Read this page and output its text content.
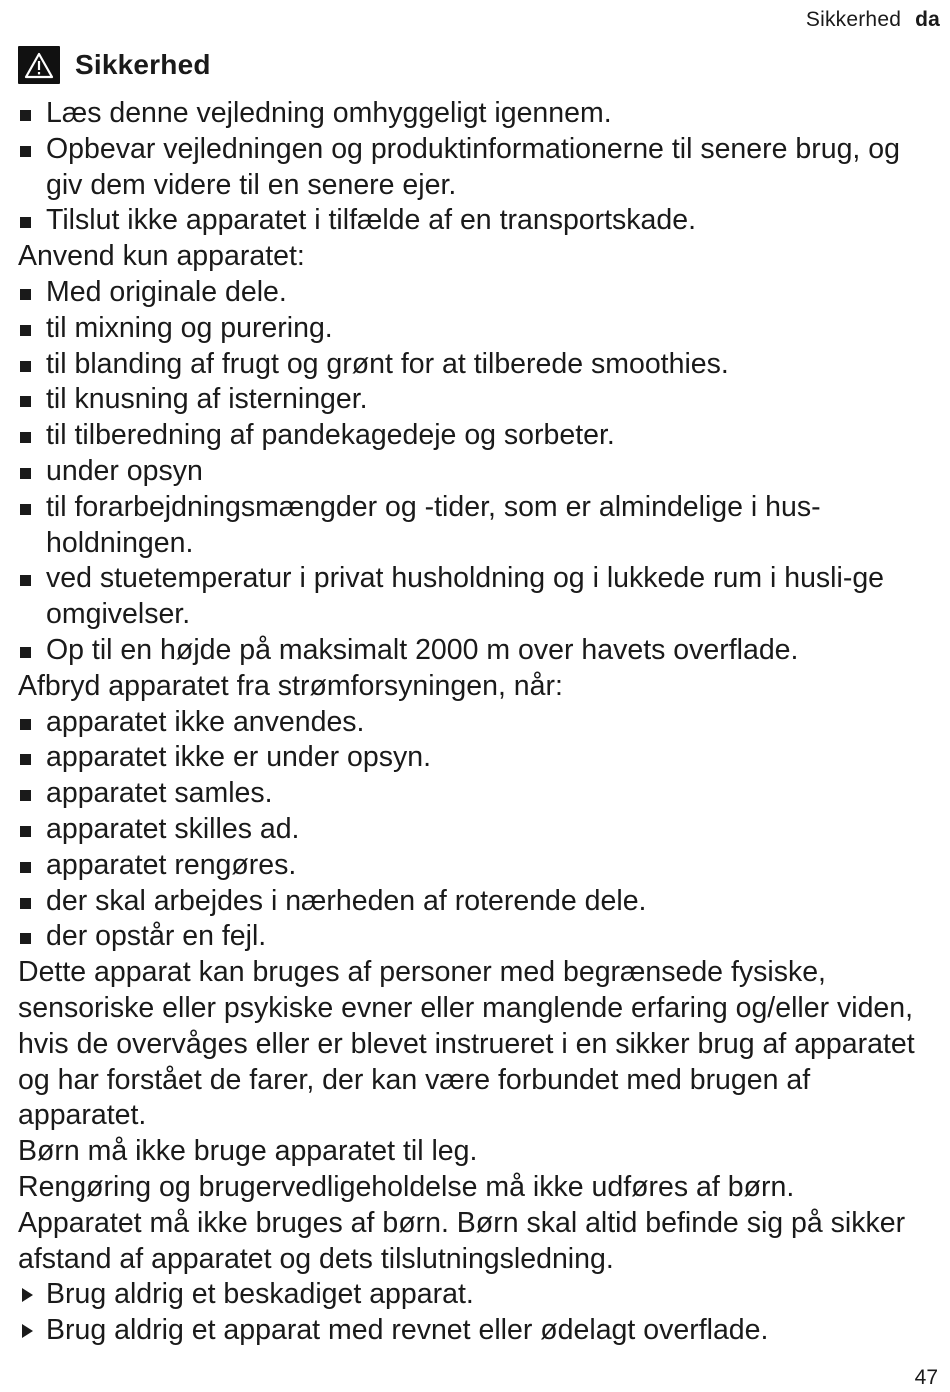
Sikkerhed da
Sikkerhed
Læs denne vejledning omhyggeligt igennem.
Opbevar vejledningen og produktinformationerne til senere brug, og giv dem videre til en senere ejer.
Tilslut ikke apparatet i tilfælde af en transportskade.
Anvend kun apparatet:
Med originale dele.
til mixning og purering.
til blanding af frugt og grønt for at tilberede smoothies.
til knusning af isterninger.
til tilberedning af pandekagedeje og sorbeter.
under opsyn
til forarbejdningsmængder og -tider, som er almindelige i hus-holdningen.
ved stuetemperatur i privat husholdning og i lukkede rum i husli-ge omgivelser.
Op til en højde på maksimalt 2000 m over havets overflade.
Afbryd apparatet fra strømforsyningen, når:
apparatet ikke anvendes.
apparatet ikke er under opsyn.
apparatet samles.
apparatet skilles ad.
apparatet rengøres.
der skal arbejdes i nærheden af roterende dele.
der opstår en fejl.
Dette apparat kan bruges af personer med begrænsede fysiske, sensoriske eller psykiske evner eller manglende erfaring og/eller viden, hvis de overvåges eller er blevet instrueret i en sikker brug af apparatet og har forstået de farer, der kan være forbundet med brugen af apparatet.
Børn må ikke bruge apparatet til leg.
Rengøring og brugervedligeholdelse må ikke udføres af børn.
Apparatet må ikke bruges af børn. Børn skal altid befinde sig på sikker afstand af apparatet og dets tilslutningsledning.
Brug aldrig et beskadiget apparat.
Brug aldrig et apparat med revnet eller ødelagt overflade.
47
